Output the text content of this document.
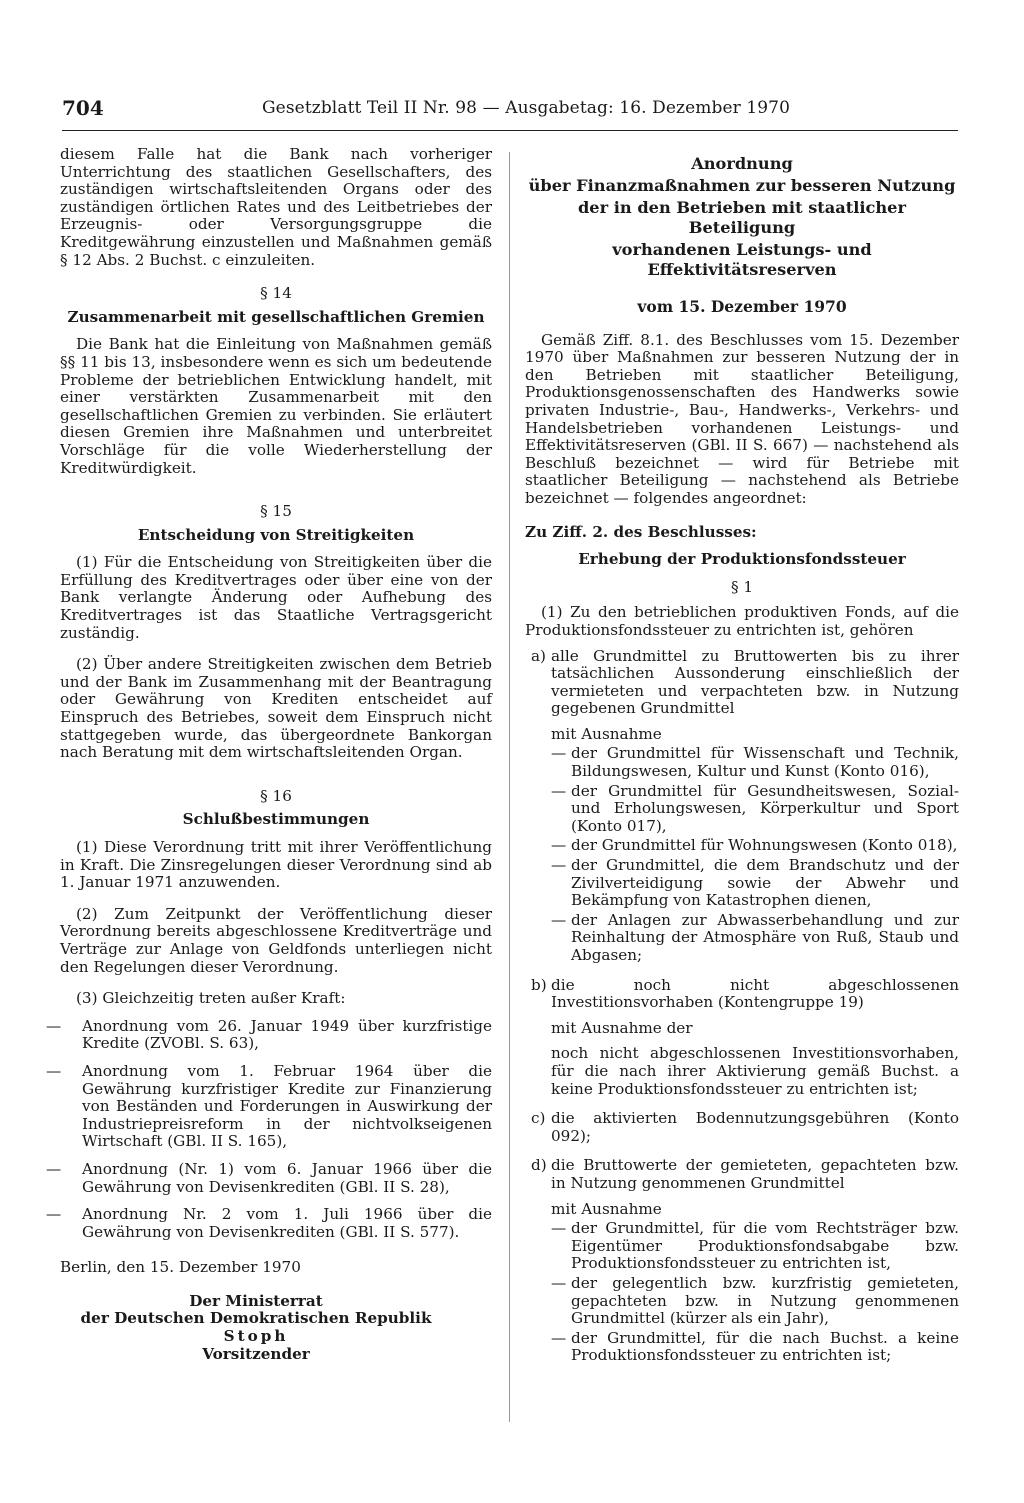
704	Gesetzblatt Teil II Nr. 98 — Ausgabetag: 16. Dezember 1970

diesem Falle hat die Bank nach vorheriger Unterrichtung des staatlichen Gesellschafters, des zuständigen wirtschaftsleitenden Organs oder des zuständigen örtlichen Rates und des Leitbetriebes der Erzeugnis- oder Versorgungsgruppe die Kreditgewährung einzustellen und Maßnahmen gemäß § 12 Abs. 2 Buchst. c einzuleiten.

§ 14

Zusammenarbeit mit gesellschaftlichen Gremien

Die Bank hat die Einleitung von Maßnahmen gemäß §§ 11 bis 13, insbesondere wenn es sich um bedeutende Probleme der betrieblichen Entwicklung handelt, mit einer verstärkten Zusammenarbeit mit den gesellschaftlichen Gremien zu verbinden. Sie erläutert diesen Gremien ihre Maßnahmen und unterbreitet Vorschläge für die volle Wiederherstellung der Kreditwürdigkeit.

§ 15

Entscheidung von Streitigkeiten

(1) Für die Entscheidung von Streitigkeiten über die Erfüllung des Kreditvertrages oder über eine von der Bank verlangte Änderung oder Aufhebung des Kreditvertrages ist das Staatliche Vertragsgericht zuständig.

(2) Über andere Streitigkeiten zwischen dem Betrieb und der Bank im Zusammenhang mit der Beantragung oder Gewährung von Krediten entscheidet auf Einspruch des Betriebes, soweit dem Einspruch nicht stattgegeben wurde, das übergeordnete Bankorgan nach Beratung mit dem wirtschaftsleitenden Organ.

§ 16

Schlußbestimmungen

(1) Diese Verordnung tritt mit ihrer Veröffentlichung in Kraft. Die Zinsregelungen dieser Verordnung sind ab 1. Januar 1971 anzuwenden.

(2) Zum Zeitpunkt der Veröffentlichung dieser Verordnung bereits abgeschlossene Kreditverträge und Verträge zur Anlage von Geldfonds unterliegen nicht den Regelungen dieser Verordnung.

(3) Gleichzeitig treten außer Kraft:

— Anordnung vom 26. Januar 1949 über kurzfristige Kredite (ZVOBl. S. 63),
— Anordnung vom 1. Februar 1964 über die Gewährung kurzfristiger Kredite zur Finanzierung von Beständen und Forderungen in Auswirkung der Industriepreisreform in der nichtvolkseigenen Wirtschaft (GBl. II S. 165),
— Anordnung (Nr. 1) vom 6. Januar 1966 über die Gewährung von Devisenkrediten (GBl. II S. 28),
— Anordnung Nr. 2 vom 1. Juli 1966 über die Gewährung von Devisenkrediten (GBl. II S. 577).

Berlin, den 15. Dezember 1970

Der Ministerrat
der Deutschen Demokratischen Republik
Stoph
Vorsitzender
Anordnung
über Finanzmaßnahmen zur besseren Nutzung
der in den Betrieben mit staatlicher Beteiligung
vorhandenen Leistungs- und Effektivitätsreserven

vom 15. Dezember 1970

Gemäß Ziff. 8.1. des Beschlusses vom 15. Dezember 1970 über Maßnahmen zur besseren Nutzung der in den Betrieben mit staatlicher Beteiligung, Produktionsgenossenschaften des Handwerks sowie privaten Industrie-, Bau-, Handwerks-, Verkehrs- und Handelsbetrieben vorhandenen Leistungs- und Effektivitätsreserven (GBl. II S. 667) — nachstehend als Beschluß bezeichnet — wird für Betriebe mit staatlicher Beteiligung — nachstehend als Betriebe bezeichnet — folgendes angeordnet:

Zu Ziff. 2. des Beschlusses:

Erhebung der Produktionsfondssteuer

§ 1

(1) Zu den betrieblichen produktiven Fonds, auf die Produktionsfondssteuer zu entrichten ist, gehören

a) alle Grundmittel zu Bruttowerten bis zu ihrer tatsächlichen Aussonderung einschließlich der vermieteten und verpachteten bzw. in Nutzung gegebenen Grundmittel

mit Ausnahme

— der Grundmittel für Wissenschaft und Technik, Bildungswesen, Kultur und Kunst (Konto 016),
— der Grundmittel für Gesundheitswesen, Sozial- und Erholungswesen, Körperkultur und Sport (Konto 017),
— der Grundmittel für Wohnungswesen (Konto 018),
— der Grundmittel, die dem Brandschutz und der Zivilverteidigung sowie der Abwehr und Bekämpfung von Katastrophen dienen,
— der Anlagen zur Abwasserbehandlung und zur Reinhaltung der Atmosphäre von Ruß, Staub und Abgasen;
b) die noch nicht abgeschlossenen Investitionsvorhaben (Kontengruppe 19)

mit Ausnahme der

noch nicht abgeschlossenen Investitionsvorhaben, für die nach ihrer Aktivierung gemäß Buchst. a keine Produktionsfondssteuer zu entrichten ist;

c) die aktivierten Bodennutzungsgebühren (Konto 092);
d) die Bruttowerte der gemieteten, gepachteten bzw. in Nutzung genommenen Grundmittel

mit Ausnahme

— der Grundmittel, für die vom Rechtsträger bzw. Eigentümer Produktionsfondsabgabe bzw. Produktionsfondssteuer zu entrichten ist,
— der gelegentlich bzw. kurzfristig gemieteten, gepachteten bzw. in Nutzung genommenen Grundmittel (kürzer als ein Jahr),
— der Grundmittel, für die nach Buchst. a keine Produktionsfondssteuer zu entrichten ist;
